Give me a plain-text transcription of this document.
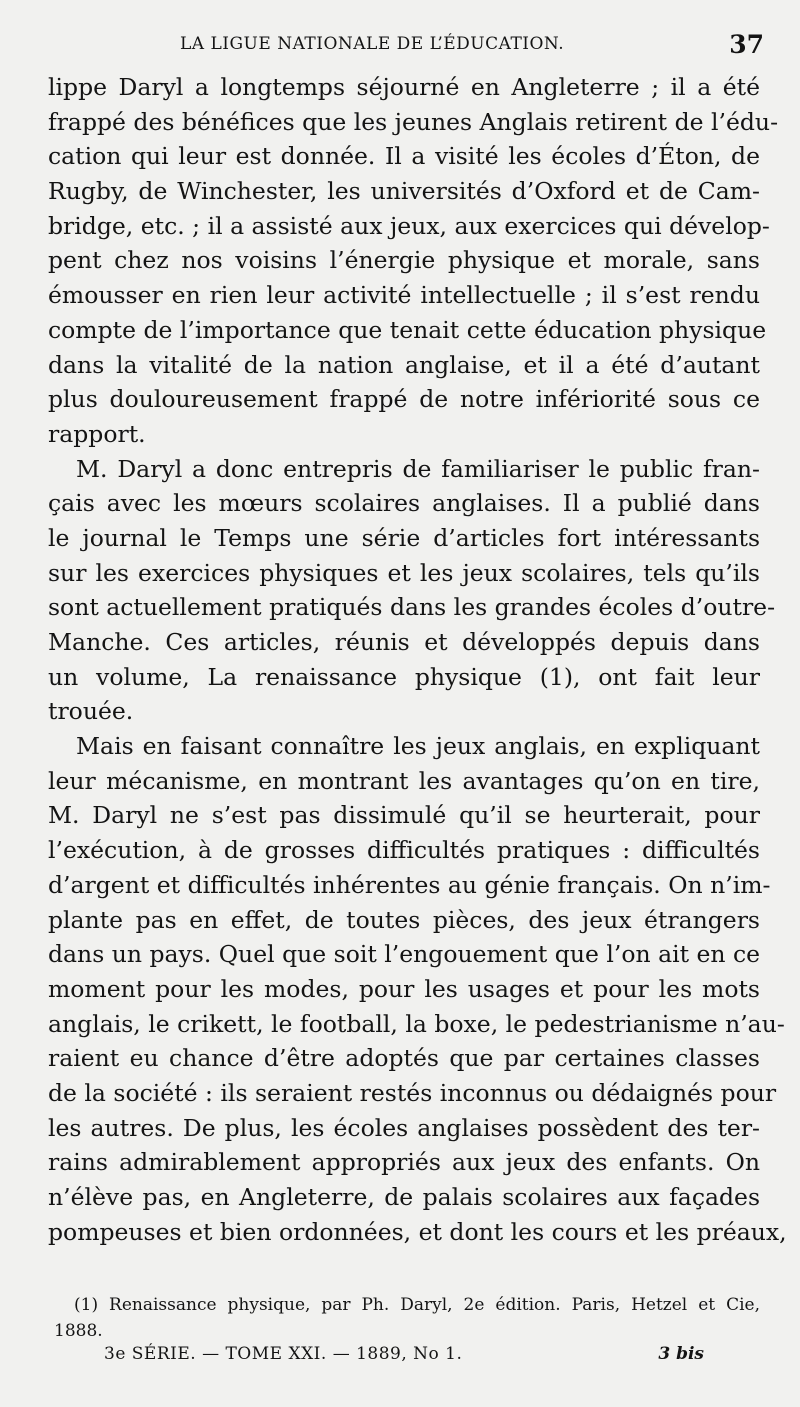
LA LIGUE NATIONALE DE L’ÉDUCATION.	37
lippe Daryl a longtemps séjourné en Angleterre ; il a été
frappé des bénéfices que les jeunes Anglais retirent de l’édu-
cation qui leur est donnée. Il a visité les écoles d’Éton, de
Rugby, de Winchester, les universités d’Oxford et de Cam-
bridge, etc. ; il a assisté aux jeux, aux exercices qui dévelop-
pent chez nos voisins l’énergie physique et morale, sans
émousser en rien leur activité intellectuelle ; il s’est rendu
compte de l’importance que tenait cette éducation physique
dans la vitalité de la nation anglaise, et il a été d’autant
plus douloureusement frappé de notre infériorité sous ce
rapport.
M. Daryl a donc entrepris de familiariser le public fran-
çais avec les mœurs scolaires anglaises. Il a publié dans
le journal le Temps une série d’articles fort intéressants
sur les exercices physiques et les jeux scolaires, tels qu’ils
sont actuellement pratiqués dans les grandes écoles d’outre-
Manche. Ces articles, réunis et développés depuis dans
un volume, La renaissance physique (1), ont fait leur
trouée.
Mais en faisant connaître les jeux anglais, en expliquant
leur mécanisme, en montrant les avantages qu’on en tire,
M. Daryl ne s’est pas dissimulé qu’il se heurterait, pour
l’exécution, à de grosses difficultés pratiques : difficultés
d’argent et difficultés inhérentes au génie français. On n’im-
plante pas en effet, de toutes pièces, des jeux étrangers
dans un pays. Quel que soit l’engouement que l’on ait en ce
moment pour les modes, pour les usages et pour les mots
anglais, le crikett, le football, la boxe, le pedestrianisme n’au-
raient eu chance d’être adoptés que par certaines classes
de la société : ils seraient restés inconnus ou dédaignés pour
les autres. De plus, les écoles anglaises possèdent des ter-
rains admirablement appropriés aux jeux des enfants. On
n’élève pas, en Angleterre, de palais scolaires aux façades
pompeuses et bien ordonnées, et dont les cours et les préaux,
(1) Renaissance physique, par Ph. Daryl, 2e édition. Paris, Hetzel et Cie,
1888.
3e SÉRIE. — TOME XXI. — 1889, No 1.	3 bis
